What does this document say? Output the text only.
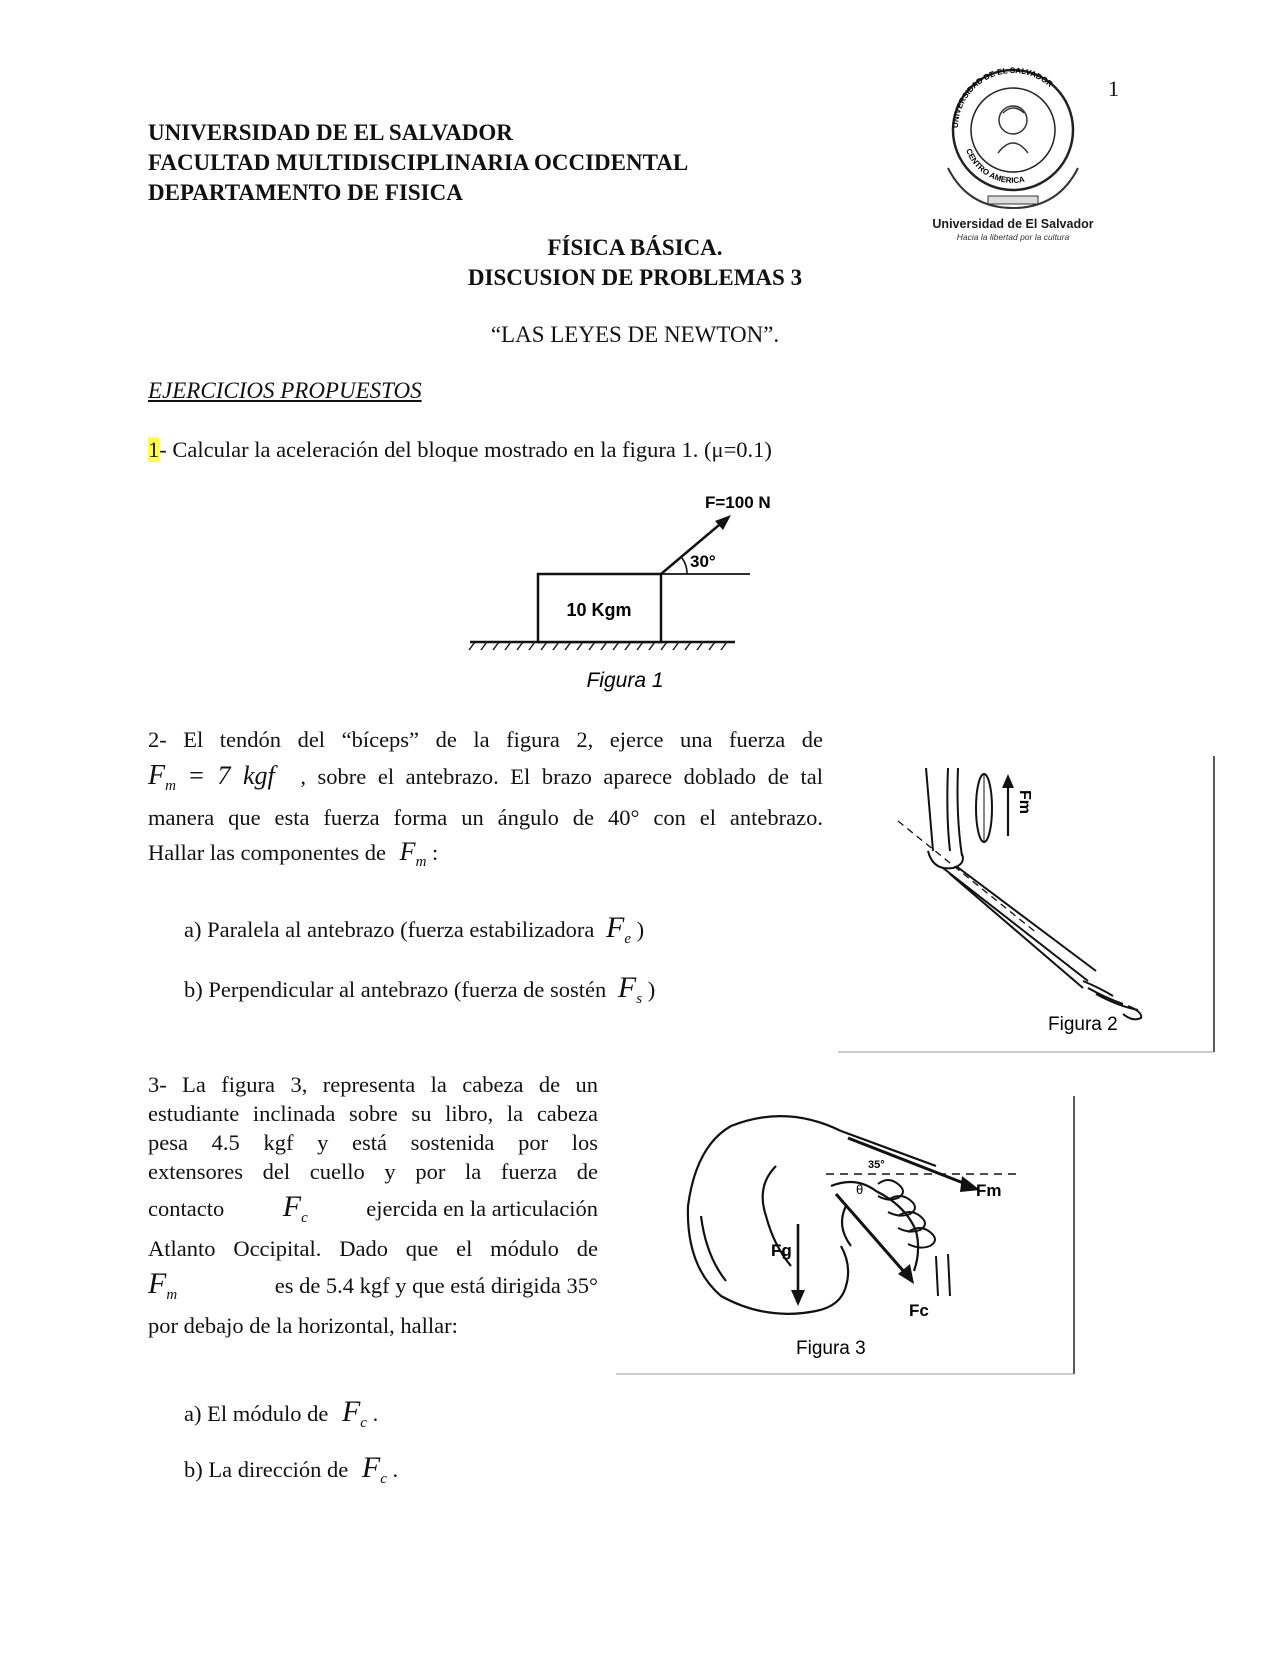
1
UNIVERSIDAD DE EL SALVADOR
FACULTAD MULTIDISCIPLINARIA OCCIDENTAL
DEPARTAMENTO DE FISICA
UNIVERSIDAD DE EL SALVADOR
CENTRO AMERICA
Universidad de El Salvador
Hacia la libertad por la cultura
FÍSICA BÁSICA.
DISCUSION DE PROBLEMAS 3
“LAS LEYES DE NEWTON”.
EJERCICIOS PROPUESTOS
1- Calcular la aceleración del bloque mostrado en la figura 1. (μ=0.1)
10 Kgm
30°
F=100 N
Figura 1
2- El tendón del “bíceps” de la figura 2, ejerce una fuerza de
$F_m = 7$ kgf , sobre el antebrazo. El brazo aparece doblado de tal
manera que esta fuerza forma un ángulo de 40° con el antebrazo.
Hallar las componentes de $F_m$ :
a) Paralela al antebrazo (fuerza estabilizadora $F_e$ )
b) Perpendicular al antebrazo (fuerza de sostén $F_s$ )
Fm
Figura 2
3- La figura 3, representa la cabeza de un
estudiante inclinada sobre su libro, la cabeza
pesa 4.5 kgf y está sostenida por los
extensores del cuello y por la fuerza de
contacto $F_c$	ejercida en la articulación
Atlanto Occipital. Dado que el módulo de
$F_m$	es de 5.4 kgf y que está dirigida 35°
por debajo de la horizontal, hallar:
a) El módulo de $F_c$ .
b) La dirección de $F_c$ .
35°
θ
Fg
Fm
Fc
Figura 3
